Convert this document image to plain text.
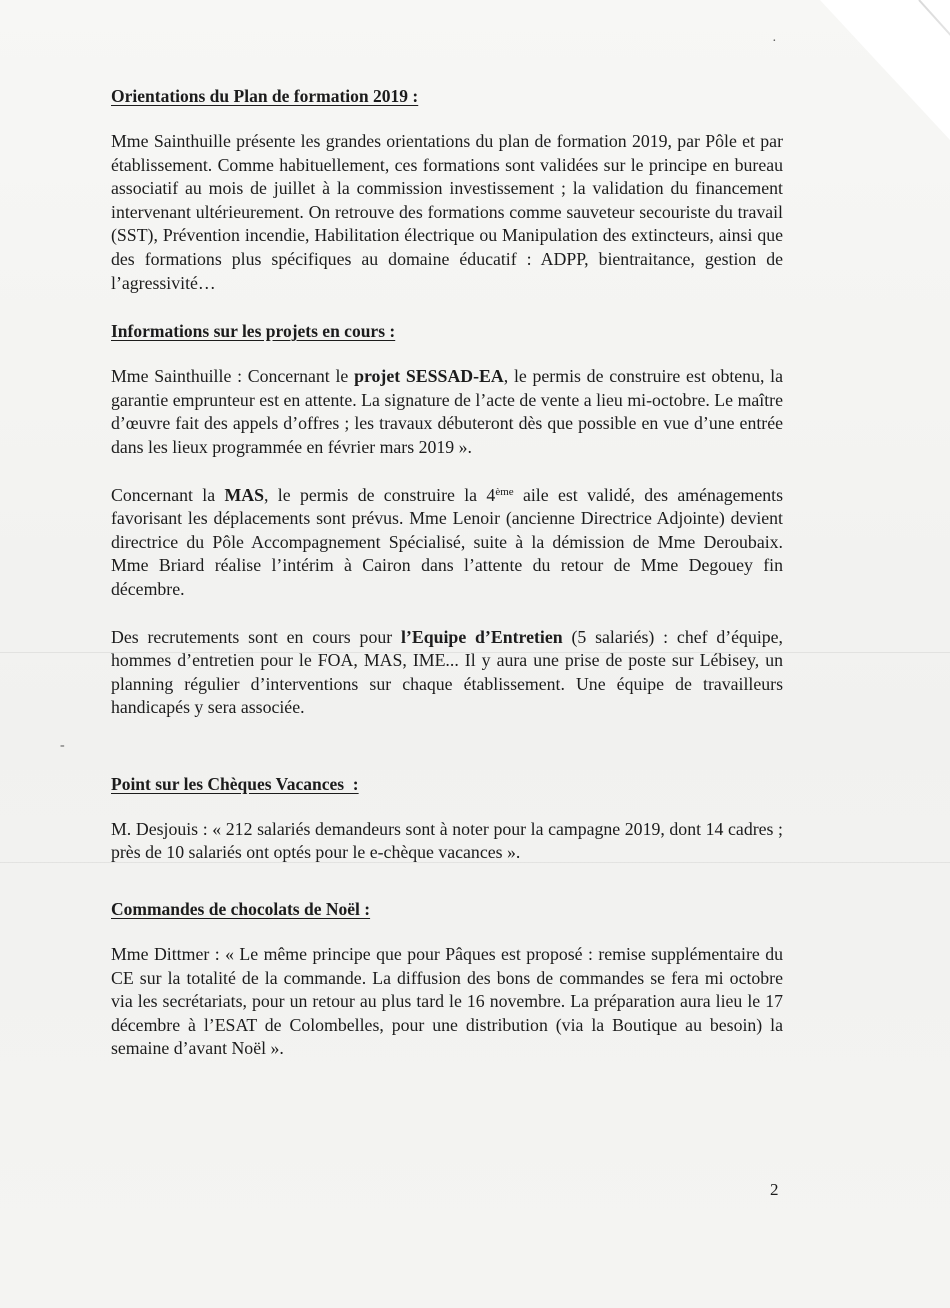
Orientations du Plan de formation 2019 :

Mme Sainthuille présente les grandes orientations du plan de formation 2019, par Pôle et par établissement. Comme habituellement, ces formations sont validées sur le principe en bureau associatif au mois de juillet à la commission investissement ; la validation du financement intervenant ultérieurement. On retrouve des formations comme sauveteur secouriste du travail (SST), Prévention incendie, Habilitation électrique ou Manipulation des extincteurs, ainsi que des formations plus spécifiques au domaine éducatif : ADPP, bientraitance, gestion de l’agressivité…

Informations sur les projets en cours :

Mme Sainthuille : Concernant le projet SESSAD-EA, le permis de construire est obtenu, la garantie emprunteur est en attente. La signature de l’acte de vente a lieu mi-octobre. Le maître d’œuvre fait des appels d’offres ; les travaux débuteront dès que possible en vue d’une entrée dans les lieux programmée en février mars 2019 ».

Concernant la MAS, le permis de construire la 4ème aile est validé, des aménagements favorisant les déplacements sont prévus. Mme Lenoir (ancienne Directrice Adjointe) devient directrice du Pôle Accompagnement Spécialisé, suite à la démission de Mme Deroubaix. Mme Briard réalise l’intérim à Cairon dans l’attente du retour de Mme Degouey fin décembre.

Des recrutements sont en cours pour l’Equipe d’Entretien (5 salariés) : chef d’équipe, hommes d’entretien pour le FOA, MAS, IME... Il y aura une prise de poste sur Lébisey, un planning régulier d’interventions sur chaque établissement. Une équipe de travailleurs handicapés y sera associée.

Point sur les Chèques Vacances  :

M. Desjouis : « 212 salariés demandeurs sont à noter pour la campagne 2019, dont 14 cadres ; près de 10 salariés ont optés pour le e-chèque vacances ».

Commandes de chocolats de Noël :

Mme Dittmer : « Le même principe que pour Pâques est proposé : remise supplémentaire du CE sur la totalité de la commande. La diffusion des bons de commandes se fera mi octobre via les secrétariats, pour un retour au plus tard le 16 novembre. La préparation aura lieu le 17 décembre à l’ESAT de Colombelles, pour une distribution (via la Boutique au besoin) la semaine d’avant Noël ».

-
·
2
